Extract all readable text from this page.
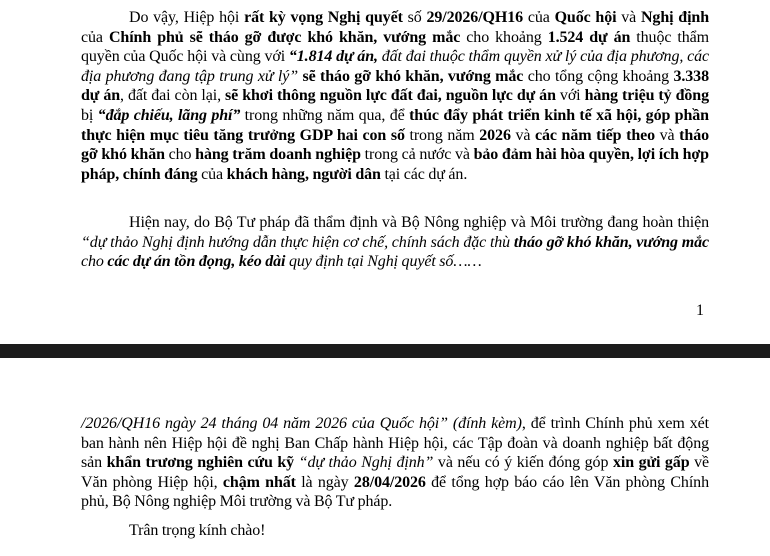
Do vậy, Hiệp hội rất kỳ vọng Nghị quyết số 29/2026/QH16 của Quốc hội và Nghị định của Chính phủ sẽ tháo gỡ được khó khăn, vướng mắc cho khoảng 1.524 dự án thuộc thẩm quyền của Quốc hội và cùng với “1.814 dự án, đất đai thuộc thẩm quyền xử lý của địa phương, các địa phương đang tập trung xử lý” sẽ tháo gỡ khó khăn, vướng mắc cho tổng cộng khoảng 3.338 dự án, đất đai còn lại, sẽ khơi thông nguồn lực đất đai, nguồn lực dự án với hàng triệu tỷ đồng bị “đắp chiếu, lãng phí” trong những năm qua, để thúc đẩy phát triển kinh tế xã hội, góp phần thực hiện mục tiêu tăng trưởng GDP hai con số trong năm 2026 và các năm tiếp theo và tháo gỡ khó khăn cho hàng trăm doanh nghiệp trong cả nước và bảo đảm hài hòa quyền, lợi ích hợp pháp, chính đáng của khách hàng, người dân tại các dự án.

Hiện nay, do Bộ Tư pháp đã thẩm định và Bộ Nông nghiệp và Môi trường đang hoàn thiện “dự thảo Nghị định hướng dẫn thực hiện cơ chế, chính sách đặc thù tháo gỡ khó khăn, vướng mắc cho các dự án tồn đọng, kéo dài quy định tại Nghị quyết số……

1

/2026/QH16 ngày 24 tháng 04 năm 2026 của Quốc hội” (đính kèm), để trình Chính phủ xem xét ban hành nên Hiệp hội đề nghị Ban Chấp hành Hiệp hội, các Tập đoàn và doanh nghiệp bất động sản khẩn trương nghiên cứu kỹ “dự thảo Nghị định” và nếu có ý kiến đóng góp xin gửi gấp về Văn phòng Hiệp hội, chậm nhất là ngày 28/04/2026 để tổng hợp báo cáo lên Văn phòng Chính phủ, Bộ Nông nghiệp Môi trường và Bộ Tư pháp.

Trân trọng kính chào!
